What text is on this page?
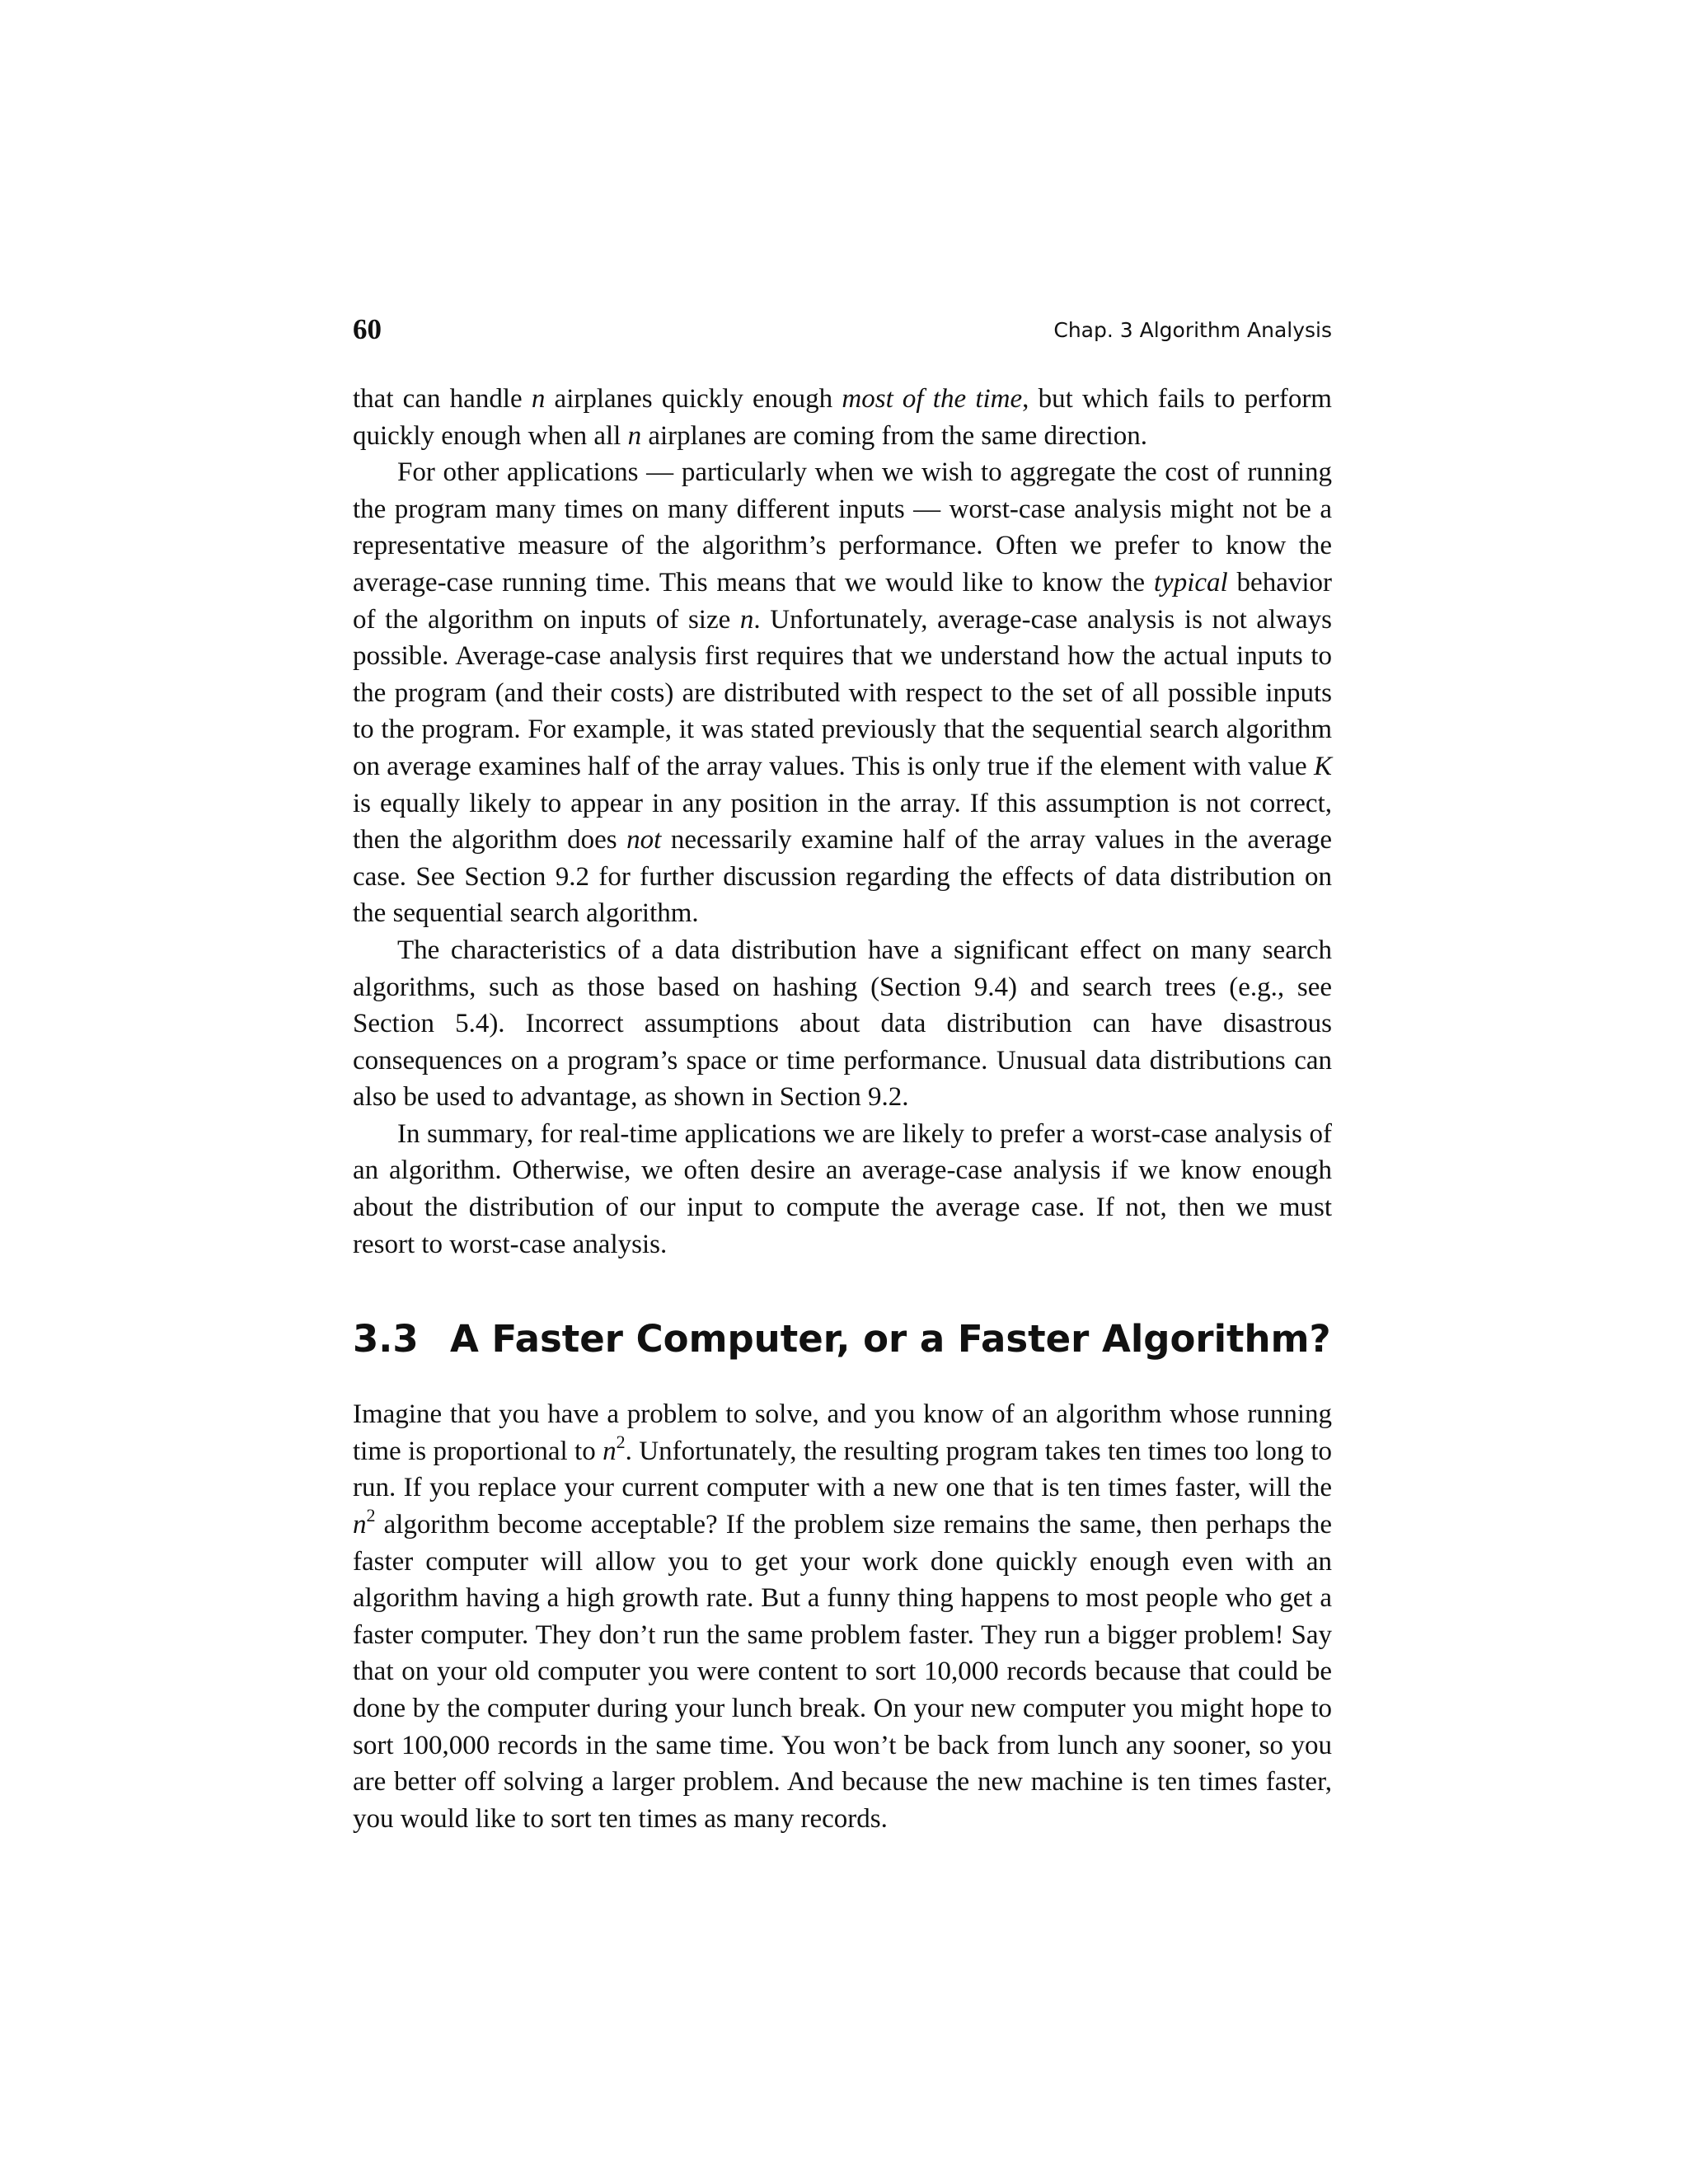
60	Chap. 3 Algorithm Analysis

that can handle n airplanes quickly enough most of the time, but which fails to perform quickly enough when all n airplanes are coming from the same direction.

For other applications — particularly when we wish to aggregate the cost of running the program many times on many different inputs — worst-case analysis might not be a representative measure of the algorithm’s performance. Often we prefer to know the average-case running time. This means that we would like to know the typical behavior of the algorithm on inputs of size n. Unfortunately, average-case analysis is not always possible. Average-case analysis first requires that we understand how the actual inputs to the program (and their costs) are distributed with respect to the set of all possible inputs to the program. For example, it was stated previously that the sequential search algorithm on average examines half of the array values. This is only true if the element with value K is equally likely to appear in any position in the array. If this assumption is not correct, then the algorithm does not necessarily examine half of the array values in the average case. See Section 9.2 for further discussion regarding the effects of data distribution on the sequential search algorithm.

The characteristics of a data distribution have a significant effect on many search algorithms, such as those based on hashing (Section 9.4) and search trees (e.g., see Section 5.4). Incorrect assumptions about data distribution can have disastrous consequences on a program’s space or time performance. Unusual data distributions can also be used to advantage, as shown in Section 9.2.

In summary, for real-time applications we are likely to prefer a worst-case analysis of an algorithm. Otherwise, we often desire an average-case analysis if we know enough about the distribution of our input to compute the average case. If not, then we must resort to worst-case analysis.

3.3 A Faster Computer, or a Faster Algorithm?

Imagine that you have a problem to solve, and you know of an algorithm whose running time is proportional to $n^2$. Unfortunately, the resulting program takes ten times too long to run. If you replace your current computer with a new one that is ten times faster, will the $n^2$ algorithm become acceptable? If the problem size remains the same, then perhaps the faster computer will allow you to get your work done quickly enough even with an algorithm having a high growth rate. But a funny thing happens to most people who get a faster computer. They don’t run the same problem faster. They run a bigger problem! Say that on your old computer you were content to sort 10,000 records because that could be done by the computer during your lunch break. On your new computer you might hope to sort 100,000 records in the same time. You won’t be back from lunch any sooner, so you are better off solving a larger problem. And because the new machine is ten times faster, you would like to sort ten times as many records.
